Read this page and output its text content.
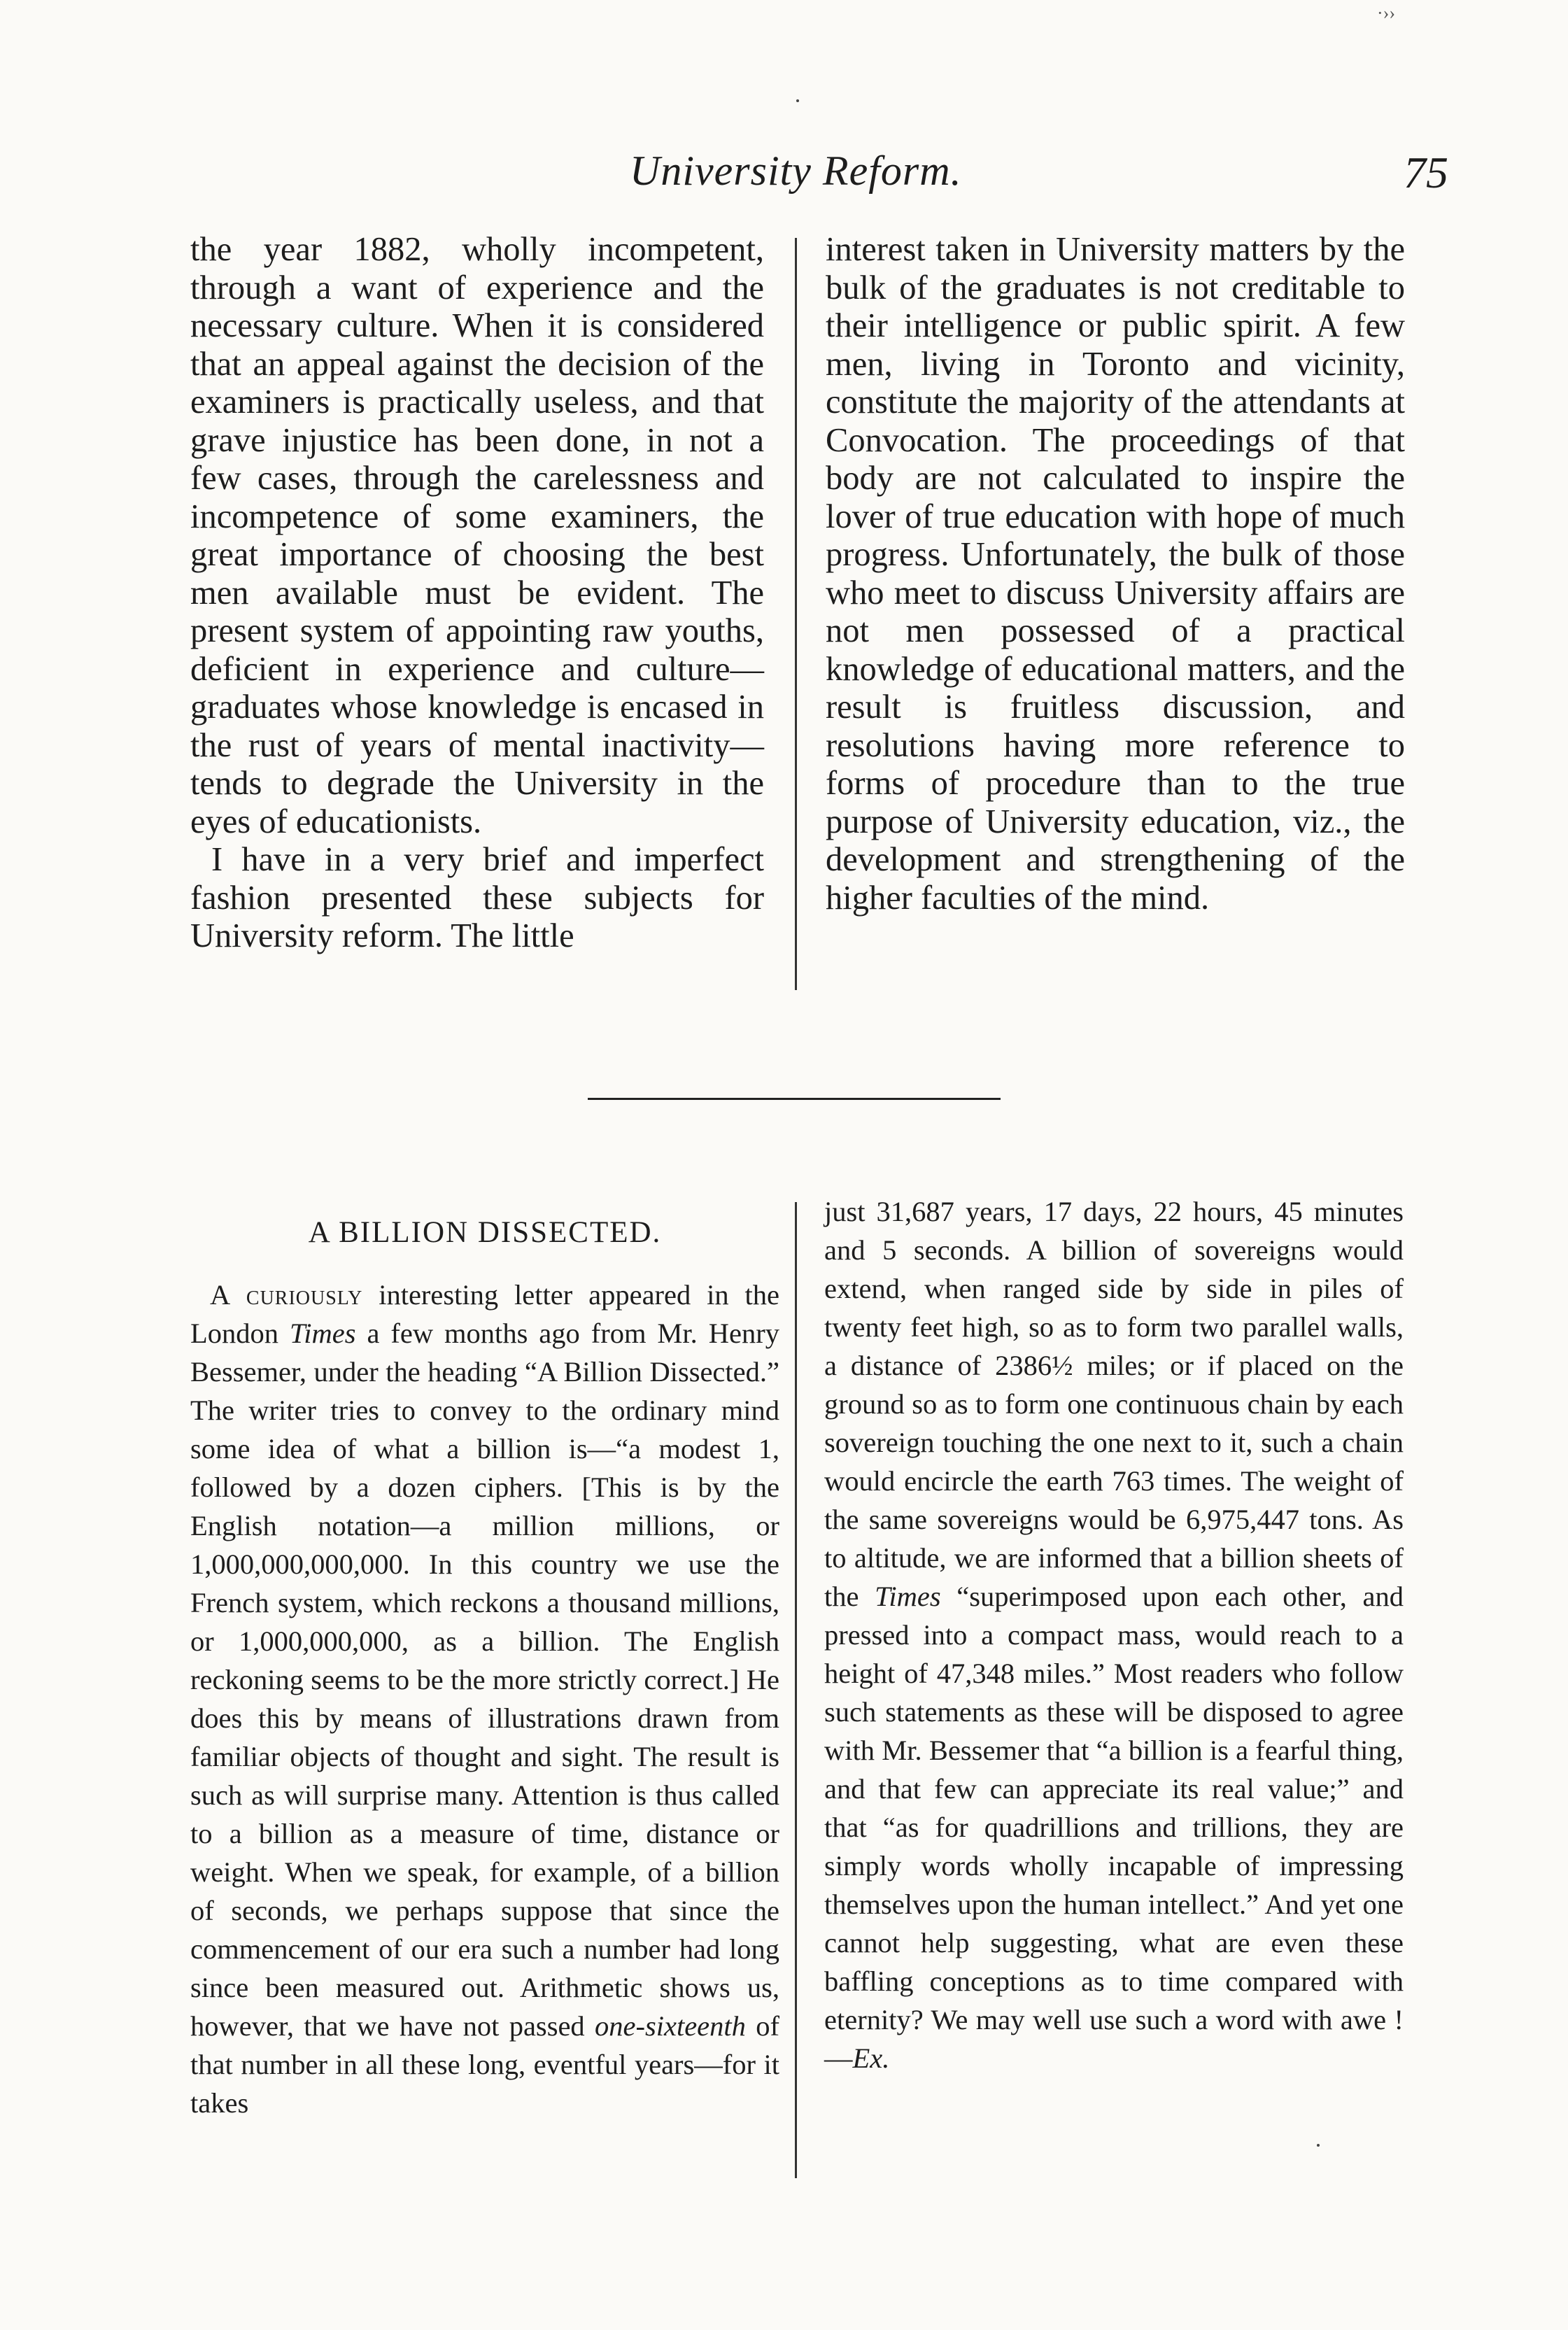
·››
University Reform.	75

the year 1882, wholly incompetent, through a want of experience and the necessary culture. When it is considered that an appeal against the decision of the examiners is practically useless, and that grave injustice has been done, in not a few cases, through the carelessness and incompetence of some examiners, the great importance of choosing the best men available must be evident. The present system of appointing raw youths, deficient in experience and culture—graduates whose knowledge is encased in the rust of years of mental inactivity—tends to degrade the University in the eyes of educationists.

I have in a very brief and imperfect fashion presented these subjects for University reform. The little

interest taken in University matters by the bulk of the graduates is not creditable to their intelligence or public spirit. A few men, living in Toronto and vicinity, constitute the majority of the attendants at Convocation. The proceedings of that body are not calculated to inspire the lover of true education with hope of much progress. Unfortunately, the bulk of those who meet to discuss University affairs are not men possessed of a practical knowledge of educational matters, and the result is fruitless discussion, and resolutions having more reference to forms of procedure than to the true purpose of University education, viz., the development and strengthening of the higher faculties of the mind.

A BILLION DISSECTED.

A curiously interesting letter appeared in the London Times a few months ago from Mr. Henry Bessemer, under the heading “A Billion Dissected.” The writer tries to convey to the ordinary mind some idea of what a billion is—“a modest 1, followed by a dozen ciphers. [This is by the English notation—a million millions, or 1,000,000,000,000. In this country we use the French system, which reckons a thousand millions, or 1,000,000,000, as a billion. The English reckoning seems to be the more strictly correct.] He does this by means of illustrations drawn from familiar objects of thought and sight. The result is such as will surprise many. Attention is thus called to a billion as a measure of time, distance or weight. When we speak, for example, of a billion of seconds, we perhaps suppose that since the commencement of our era such a number had long since been measured out. Arithmetic shows us, however, that we have not passed one-sixteenth of that number in all these long, eventful years—for it takes

just 31,687 years, 17 days, 22 hours, 45 minutes and 5 seconds. A billion of sovereigns would extend, when ranged side by side in piles of twenty feet high, so as to form two parallel walls, a distance of 2386½ miles; or if placed on the ground so as to form one continuous chain by each sovereign touching the one next to it, such a chain would encircle the earth 763 times. The weight of the same sovereigns would be 6,975,447 tons. As to altitude, we are informed that a billion sheets of the Times “superimposed upon each other, and pressed into a compact mass, would reach to a height of 47,348 miles.” Most readers who follow such statements as these will be disposed to agree with Mr. Bessemer that “a billion is a fearful thing, and that few can appreciate its real value;” and that “as for quadrillions and trillions, they are simply words wholly incapable of impressing themselves upon the human intellect.” And yet one cannot help suggesting, what are even these baffling conceptions as to time compared with eternity? We may well use such a word with awe !—Ex.
